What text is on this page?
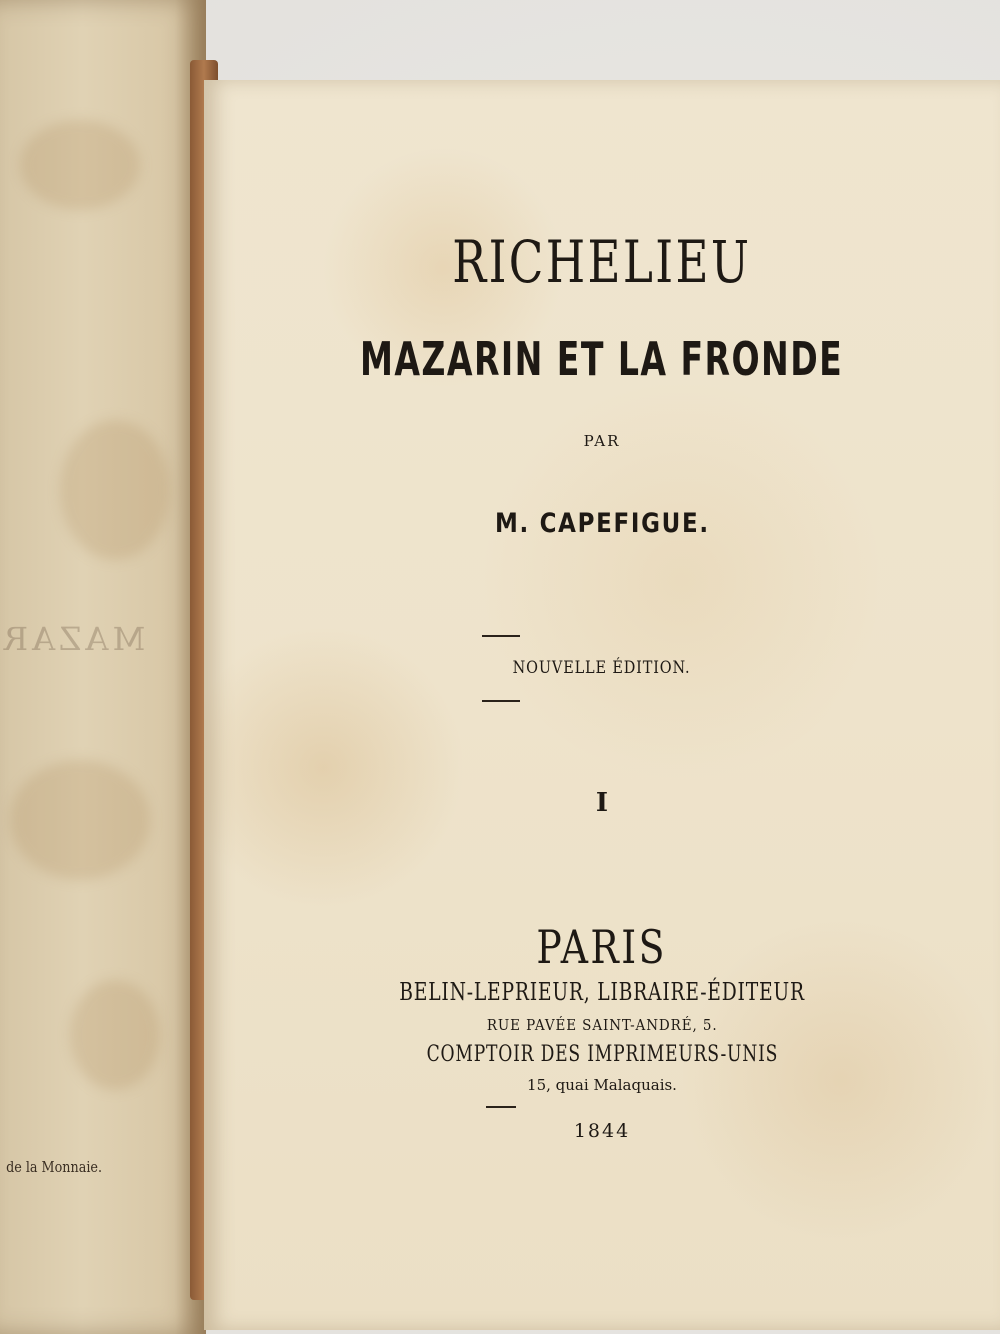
MAZAR
de la Monnaie.
RICHELIEU
MAZARIN ET LA FRONDE
PAR
M. CAPEFIGUE.
NOUVELLE ÉDITION.
I
PARIS
BELIN-LEPRIEUR, LIBRAIRE-ÉDITEUR
RUE PAVÉE SAINT-ANDRÉ, 5.
COMPTOIR DES IMPRIMEURS-UNIS
15, quai Malaquais.
1844
